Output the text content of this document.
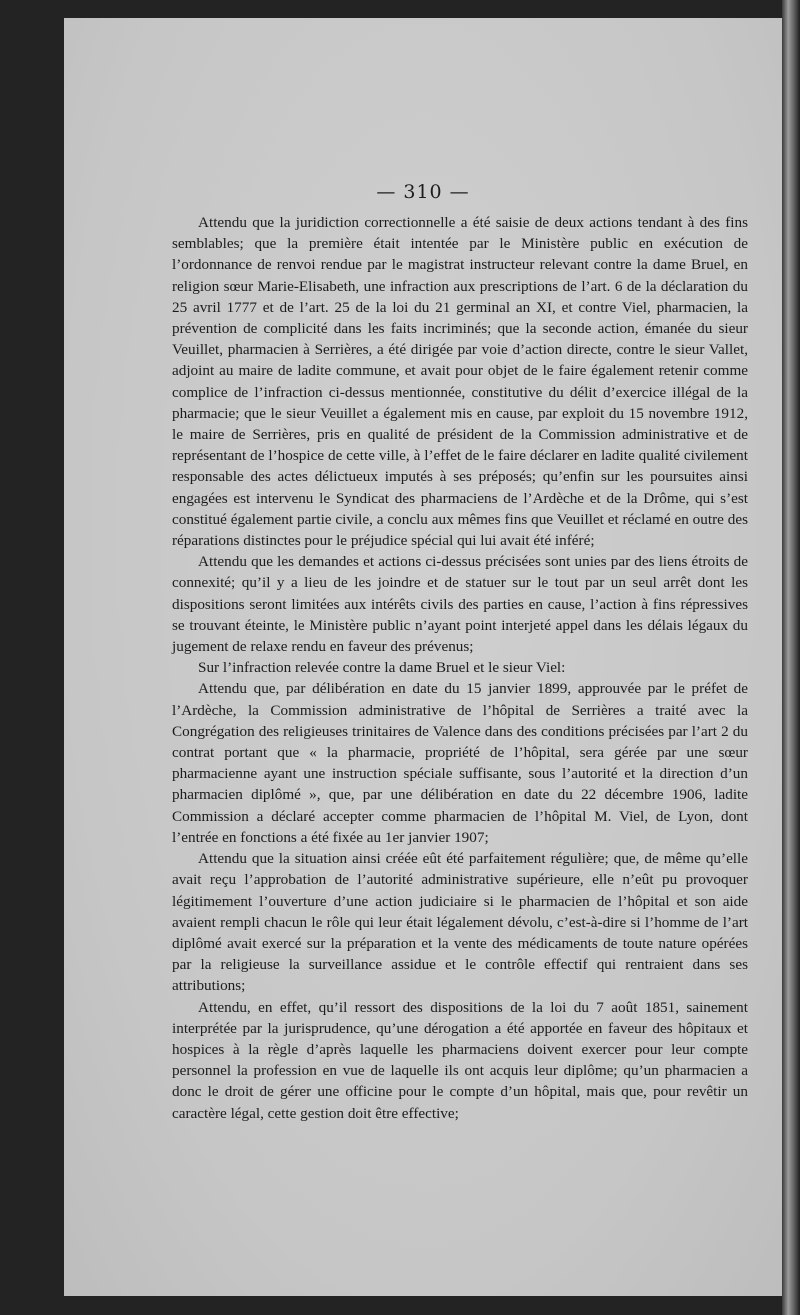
— 310 —

Attendu que la juridiction correctionnelle a été saisie de deux actions tendant à des fins semblables; que la première était intentée par le Ministère public en exécution de l’ordonnance de renvoi rendue par le magistrat instructeur relevant contre la dame Bruel, en religion sœur Marie-Elisabeth, une infraction aux prescriptions de l’art. 6 de la déclaration du 25 avril 1777 et de l’art. 25 de la loi du 21 germinal an XI, et contre Viel, pharmacien, la prévention de complicité dans les faits incriminés; que la seconde action, émanée du sieur Veuillet, pharmacien à Serrières, a été dirigée par voie d’action directe, contre le sieur Vallet, adjoint au maire de ladite commune, et avait pour objet de le faire également retenir comme complice de l’infraction ci-dessus mentionnée, constitutive du délit d’exercice illégal de la pharmacie; que le sieur Veuillet a également mis en cause, par exploit du 15 novembre 1912, le maire de Serrières, pris en qualité de président de la Commission administrative et de représentant de l’hospice de cette ville, à l’effet de le faire déclarer en ladite qualité civilement responsable des actes délictueux imputés à ses préposés; qu’enfin sur les poursuites ainsi engagées est intervenu le Syndicat des pharmaciens de l’Ardèche et de la Drôme, qui s’est constitué également partie civile, a conclu aux mêmes fins que Veuillet et réclamé en outre des réparations distinctes pour le préjudice spécial qui lui avait été inféré;

Attendu que les demandes et actions ci-dessus précisées sont unies par des liens étroits de connexité; qu’il y a lieu de les joindre et de statuer sur le tout par un seul arrêt dont les dispositions seront limitées aux intérêts civils des parties en cause, l’action à fins répressives se trouvant éteinte, le Ministère public n’ayant point interjeté appel dans les délais légaux du jugement de relaxe rendu en faveur des prévenus;

Sur l’infraction relevée contre la dame Bruel et le sieur Viel:

Attendu que, par délibération en date du 15 janvier 1899, approuvée par le préfet de l’Ardèche, la Commission administrative de l’hôpital de Serrières a traité avec la Congrégation des religieuses trinitaires de Valence dans des conditions précisées par l’art 2 du contrat portant que « la pharmacie, propriété de l’hôpital, sera gérée par une sœur pharmacienne ayant une instruction spéciale suffisante, sous l’autorité et la direction d’un pharmacien diplômé », que, par une délibération en date du 22 décembre 1906, ladite Commission a déclaré accepter comme pharmacien de l’hôpital M. Viel, de Lyon, dont l’entrée en fonctions a été fixée au 1er janvier 1907;

Attendu que la situation ainsi créée eût été parfaitement régulière; que, de même qu’elle avait reçu l’approbation de l’autorité administrative supérieure, elle n’eût pu provoquer légitimement l’ouverture d’une action judiciaire si le pharmacien de l’hôpital et son aide avaient rempli chacun le rôle qui leur était légalement dévolu, c’est-à-dire si l’homme de l’art diplômé avait exercé sur la préparation et la vente des médicaments de toute nature opérées par la religieuse la surveillance assidue et le contrôle effectif qui rentraient dans ses attributions;

Attendu, en effet, qu’il ressort des dispositions de la loi du 7 août 1851, sainement interprétée par la jurisprudence, qu’une dérogation a été apportée en faveur des hôpitaux et hospices à la règle d’après laquelle les pharmaciens doivent exercer pour leur compte personnel la profession en vue de laquelle ils ont acquis leur diplôme; qu’un pharmacien a donc le droit de gérer une officine pour le compte d’un hôpital, mais que, pour revêtir un caractère légal, cette gestion doit être effective;
